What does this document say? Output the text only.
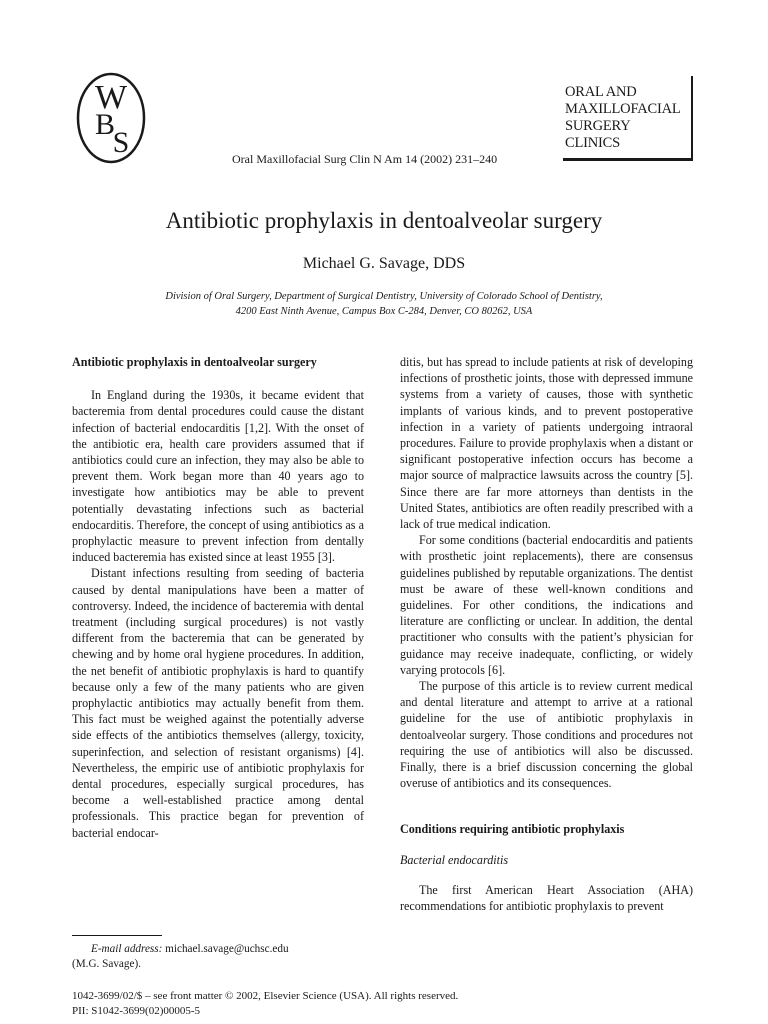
W
B
S
ORAL AND
MAXILLOFACIAL
SURGERY
CLINICS
Oral Maxillofacial Surg Clin N Am 14 (2002) 231–240
Antibiotic prophylaxis in dentoalveolar surgery
Michael G. Savage, DDS
Division of Oral Surgery, Department of Surgical Dentistry, University of Colorado School of Dentistry,
4200 East Ninth Avenue, Campus Box C-284, Denver, CO 80262, USA
Antibiotic prophylaxis in dentoalveolar surgery

In England during the 1930s, it became evident that bacteremia from dental procedures could cause the distant infection of bacterial endocarditis [1,2]. With the onset of the antibiotic era, health care providers assumed that if antibiotics could cure an infection, they may also be able to prevent them. Work began more than 40 years ago to investigate how antibiotics may be able to prevent potentially devastating infections such as bacterial endocarditis. Therefore, the concept of using antibiotics as a prophylactic measure to prevent infection from dentally induced bacteremia has existed since at least 1955 [3].

Distant infections resulting from seeding of bacteria caused by dental manipulations have been a matter of controversy. Indeed, the incidence of bacteremia with dental treatment (including surgical procedures) is not vastly different from the bacteremia that can be generated by chewing and by home oral hygiene procedures. In addition, the net benefit of antibiotic prophylaxis is hard to quantify because only a few of the many patients who are given prophylactic antibiotics may actually benefit from them. This fact must be weighed against the potentially adverse side effects of the antibiotics themselves (allergy, toxicity, superinfection, and selection of resistant organisms) [4]. Nevertheless, the empiric use of antibiotic prophylaxis for dental procedures, especially surgical procedures, has become a well-established practice among dental professionals. This practice began for prevention of bacterial endocar-

ditis, but has spread to include patients at risk of developing infections of prosthetic joints, those with depressed immune systems from a variety of causes, those with synthetic implants of various kinds, and to prevent postoperative infection in a variety of patients undergoing intraoral procedures. Failure to provide prophylaxis when a distant or significant postoperative infection occurs has become a major source of malpractice lawsuits across the country [5]. Since there are far more attorneys than dentists in the United States, antibiotics are often readily prescribed with a lack of true medical indication.

For some conditions (bacterial endocarditis and patients with prosthetic joint replacements), there are consensus guidelines published by reputable organizations. The dentist must be aware of these well-known conditions and guidelines. For other conditions, the indications and literature are conflicting or unclear. In addition, the dental practitioner who consults with the patient’s physician for guidance may receive inadequate, conflicting, or widely varying protocols [6].

The purpose of this article is to review current medical and dental literature and attempt to arrive at a rational guideline for the use of antibiotic prophylaxis in dentoalveolar surgery. Those conditions and procedures not requiring the use of antibiotics will also be discussed. Finally, there is a brief discussion concerning the global overuse of antibiotics and its consequences.

Conditions requiring antibiotic prophylaxis
Bacterial endocarditis

The first American Heart Association (AHA) recommendations for antibiotic prophylaxis to prevent

E-mail address: michael.savage@uchsc.edu
(M.G. Savage).
1042-3699/02/$ – see front matter © 2002, Elsevier Science (USA). All rights reserved.
PII: S1042-3699(02)00005-5
